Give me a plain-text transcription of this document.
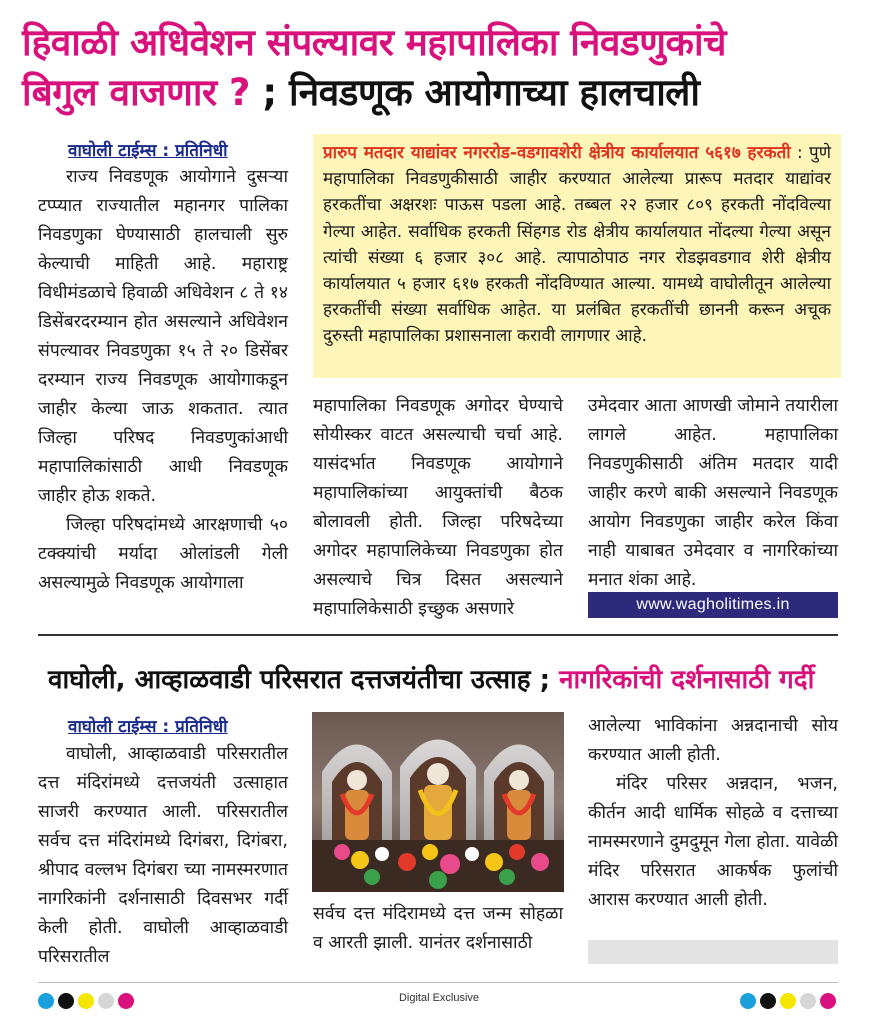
हिवाळी अधिवेशन संपल्यावर महापालिका निवडणुकांचे
बिगुल वाजणार ? ; निवडणूक आयोगाच्या हालचाली
वाघोली टाईम्स : प्रतिनिधी

राज्य निवडणूक आयोगाने दुसऱ्या टप्प्यात राज्यातील महानगर पालिका निवडणुका घेण्यासाठी हालचाली सुरु केल्याची माहिती आहे. महाराष्ट्र विधीमंडळाचे हिवाळी अधिवेशन ८ ते १४ डिसेंबरदरम्यान होत असल्याने अधिवेशन संपल्यावर निवडणुका १५ ते २० डिसेंबर दरम्यान राज्य निवडणूक आयोगाकडून जाहीर केल्या जाऊ शकतात. त्यात जिल्हा परिषद निवडणुकांआधी महापालिकांसाठी आधी निवडणूक जाहीर होऊ शकते.

जिल्हा परिषदांमध्ये आरक्षणाची ५० टक्क्यांची मर्यादा ओलांडली गेली असल्यामुळे निवडणूक आयोगाला

प्रारुप मतदार याद्यांवर नगररोड-वडगावशेरी क्षेत्रीय कार्यालयात ५६१७ हरकती : पुणे महापालिका निवडणुकीसाठी जाहीर करण्यात आलेल्या प्रारूप मतदार याद्यांवर हरकतींचा अक्षरशः पाऊस पडला आहे. तब्बल २२ हजार ८०९ हरकती नोंदविल्या गेल्या आहेत. सर्वाधिक हरकती सिंहगड रोड क्षेत्रीय कार्यालयात नोंदल्या गेल्या असून त्यांची संख्या ६ हजार ३०८ आहे. त्यापाठोपाठ नगर रोडझवडगाव शेरी क्षेत्रीय कार्यालयात ५ हजार ६१७ हरकती नोंदविण्यात आल्या. यामध्ये वाघोलीतून आलेल्या हरकतींची संख्या सर्वाधिक आहेत. या प्रलंबित हरकतींची छाननी करून अचूक दुरुस्ती महापालिका प्रशासनाला करावी लागणार आहे.

महापालिका निवडणूक अगोदर घेण्याचे सोयीस्कर वाटत असल्याची चर्चा आहे. यासंदर्भात निवडणूक आयोगाने महापालिकांच्या आयुक्तांची बैठक बोलावली होती. जिल्हा परिषदेच्या अगोदर महापालिकेच्या निवडणुका होत असल्याचे चित्र दिसत असल्याने महापालिकेसाठी इच्छुक असणारे

उमेदवार आता आणखी जोमाने तयारीला लागले आहेत. महापालिका निवडणुकीसाठी अंतिम मतदार यादी जाहीर करणे बाकी असल्याने निवडणूक आयोग निवडणुका जाहीर करेल किंवा नाही याबाबत उमेदवार व नागरिकांच्या मनात शंका आहे.

www.wagholitimes.in
वाघोली, आव्हाळवाडी परिसरात दत्तजयंतीचा उत्साह ; नागरिकांची दर्शनासाठी गर्दी
वाघोली टाईम्स : प्रतिनिधी

वाघोली, आव्हाळवाडी परिसरातील दत्त मंदिरांमध्ये दत्तजयंती उत्साहात साजरी करण्यात आली. परिसरातील सर्वच दत्त मंदिरांमध्ये दिगंबरा, दिगंबरा, श्रीपाद वल्लभ दिगंबरा च्या नामस्मरणात नागरिकांनी दर्शनासाठी दिवसभर गर्दी केली होती. वाघोली आव्हाळवाडी परिसरातील

सर्वच दत्त मंदिरामध्ये दत्त जन्म सोहळा व आरती झाली. यानंतर दर्शनासाठी

आलेल्या भाविकांना अन्नदानाची सोय करण्यात आली होती.

मंदिर परिसर अन्नदान, भजन, कीर्तन आदी धार्मिक सोहळे व दत्ताच्या नामस्मरणाने दुमदुमून गेला होता. यावेळी मंदिर परिसरात आकर्षक फुलांची आरास करण्यात आली होती.

Digital Exclusive
